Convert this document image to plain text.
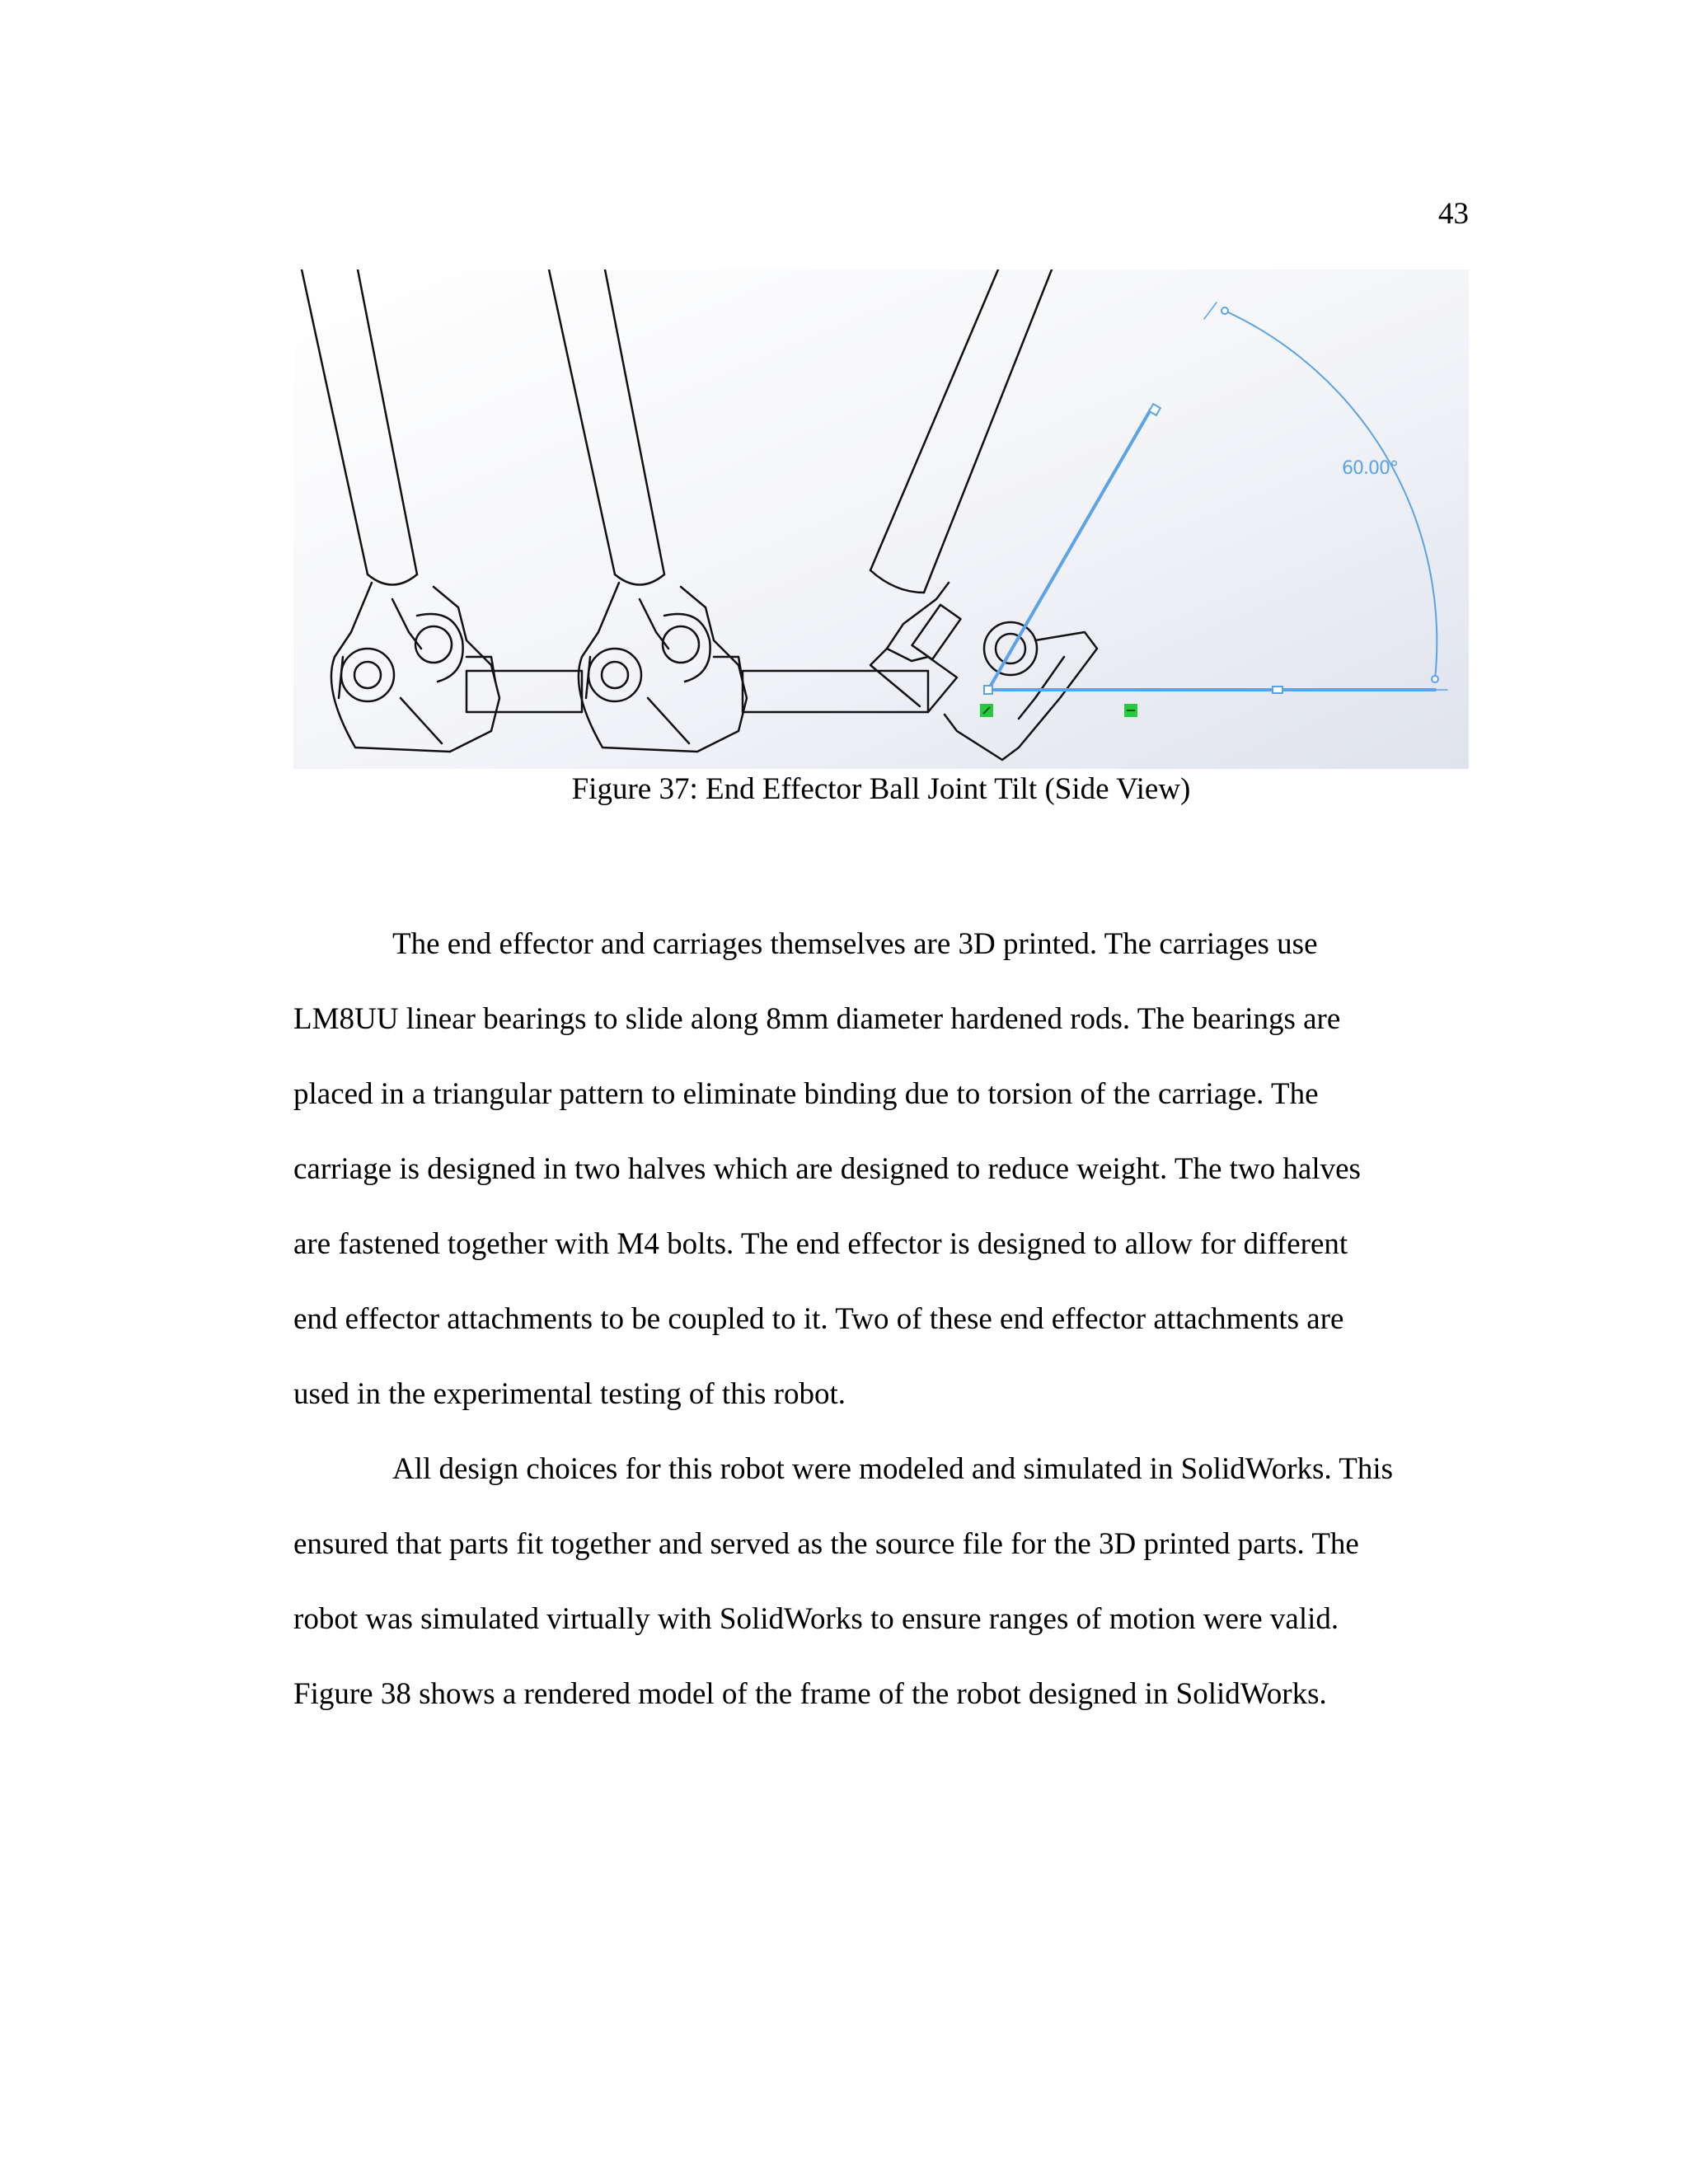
43
60.00°
Figure 37: End Effector Ball Joint Tilt (Side View)

The end effector and carriages themselves are 3D printed. The carriages use

LM8UU linear bearings to slide along 8mm diameter hardened rods. The bearings are
placed in a triangular pattern to eliminate binding due to torsion of the carriage. The
carriage is designed in two halves which are designed to reduce weight. The two halves
are fastened together with M4 bolts. The end effector is designed to allow for different
end effector attachments to be coupled to it. Two of these end effector attachments are
used in the experimental testing of this robot.

All design choices for this robot were modeled and simulated in SolidWorks. This

ensured that parts fit together and served as the source file for the 3D printed parts. The
robot was simulated virtually with SolidWorks to ensure ranges of motion were valid.
Figure 38 shows a rendered model of the frame of the robot designed in SolidWorks.
